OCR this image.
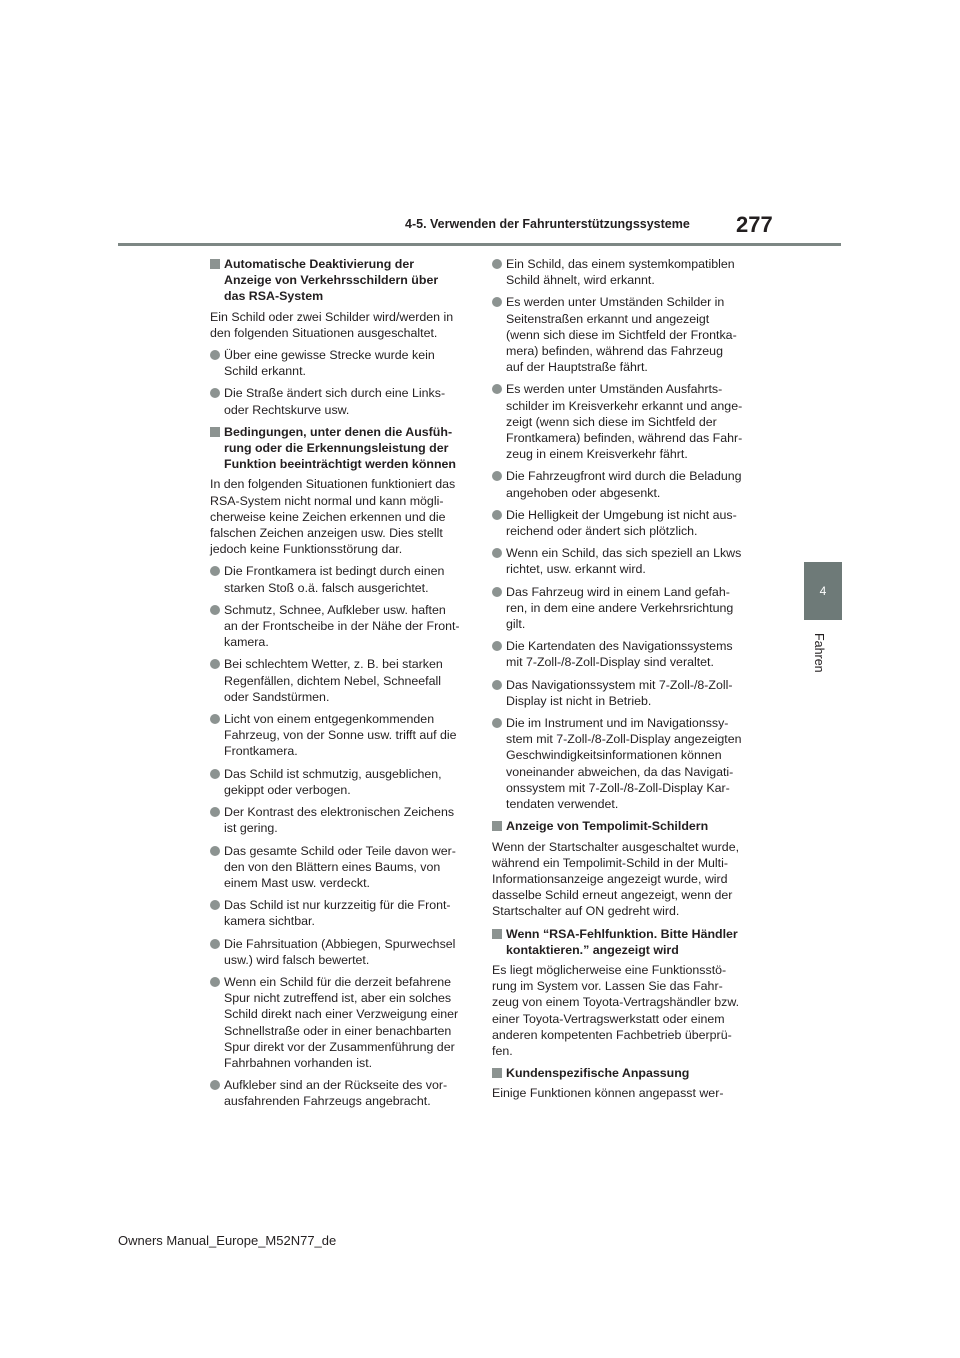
4-5. Verwenden der Fahrunterstützungssysteme 277
4
Fahren
Automatische Deaktivierung der
Anzeige von Verkehrsschildern über
das RSA-System
Ein Schild oder zwei Schilder wird/werden in
den folgenden Situationen ausgeschaltet.
Über eine gewisse Strecke wurde kein
Schild erkannt.
Die Straße ändert sich durch eine Links-
oder Rechtskurve usw.
Bedingungen, unter denen die Ausfüh-
rung oder die Erkennungsleistung der
Funktion beeinträchtigt werden können
In den folgenden Situationen funktioniert das
RSA-System nicht normal und kann mögli-
cherweise keine Zeichen erkennen und die
falschen Zeichen anzeigen usw. Dies stellt
jedoch keine Funktionsstörung dar.
Die Frontkamera ist bedingt durch einen
starken Stoß o.ä. falsch ausgerichtet.
Schmutz, Schnee, Aufkleber usw. haften
an der Frontscheibe in der Nähe der Front-
kamera.
Bei schlechtem Wetter, z. B. bei starken
Regenfällen, dichtem Nebel, Schneefall
oder Sandstürmen.
Licht von einem entgegenkommenden
Fahrzeug, von der Sonne usw. trifft auf die
Frontkamera.
Das Schild ist schmutzig, ausgeblichen,
gekippt oder verbogen.
Der Kontrast des elektronischen Zeichens
ist gering.
Das gesamte Schild oder Teile davon wer-
den von den Blättern eines Baums, von
einem Mast usw. verdeckt.
Das Schild ist nur kurzzeitig für die Front-
kamera sichtbar.
Die Fahrsituation (Abbiegen, Spurwechsel
usw.) wird falsch bewertet.
Wenn ein Schild für die derzeit befahrene
Spur nicht zutreffend ist, aber ein solches
Schild direkt nach einer Verzweigung einer
Schnellstraße oder in einer benachbarten
Spur direkt vor der Zusammenführung der
Fahrbahnen vorhanden ist.
Aufkleber sind an der Rückseite des vor-
ausfahrenden Fahrzeugs angebracht.
Ein Schild, das einem systemkompatiblen
Schild ähnelt, wird erkannt.
Es werden unter Umständen Schilder in
Seitenstraßen erkannt und angezeigt
(wenn sich diese im Sichtfeld der Frontka-
mera) befinden, während das Fahrzeug
auf der Hauptstraße fährt.
Es werden unter Umständen Ausfahrts-
schilder im Kreisverkehr erkannt und ange-
zeigt (wenn sich diese im Sichtfeld der
Frontkamera) befinden, während das Fahr-
zeug in einem Kreisverkehr fährt.
Die Fahrzeugfront wird durch die Beladung
angehoben oder abgesenkt.
Die Helligkeit der Umgebung ist nicht aus-
reichend oder ändert sich plötzlich.
Wenn ein Schild, das sich speziell an Lkws
richtet, usw. erkannt wird.
Das Fahrzeug wird in einem Land gefah-
ren, in dem eine andere Verkehrsrichtung
gilt.
Die Kartendaten des Navigationssystems
mit 7-Zoll-/8-Zoll-Display sind veraltet.
Das Navigationssystem mit 7-Zoll-/8-Zoll-
Display ist nicht in Betrieb.
Die im Instrument und im Navigationssy-
stem mit 7-Zoll-/8-Zoll-Display angezeigten
Geschwindigkeitsinformationen können
voneinander abweichen, da das Navigati-
onssystem mit 7-Zoll-/8-Zoll-Display Kar-
tendaten verwendet.
Anzeige von Tempolimit-Schildern
Wenn der Startschalter ausgeschaltet wurde,
während ein Tempolimit-Schild in der Multi-
Informationsanzeige angezeigt wurde, wird
dasselbe Schild erneut angezeigt, wenn der
Startschalter auf ON gedreht wird.
Wenn “RSA-Fehlfunktion. Bitte Händler
kontaktieren.” angezeigt wird
Es liegt möglicherweise eine Funktionsstö-
rung im System vor. Lassen Sie das Fahr-
zeug von einem Toyota-Vertragshändler bzw.
einer Toyota-Vertragswerkstatt oder einem
anderen kompetenten Fachbetrieb überprü-
fen.
Kundenspezifische Anpassung
Einige Funktionen können angepasst wer-
Owners Manual_Europe_M52N77_de
